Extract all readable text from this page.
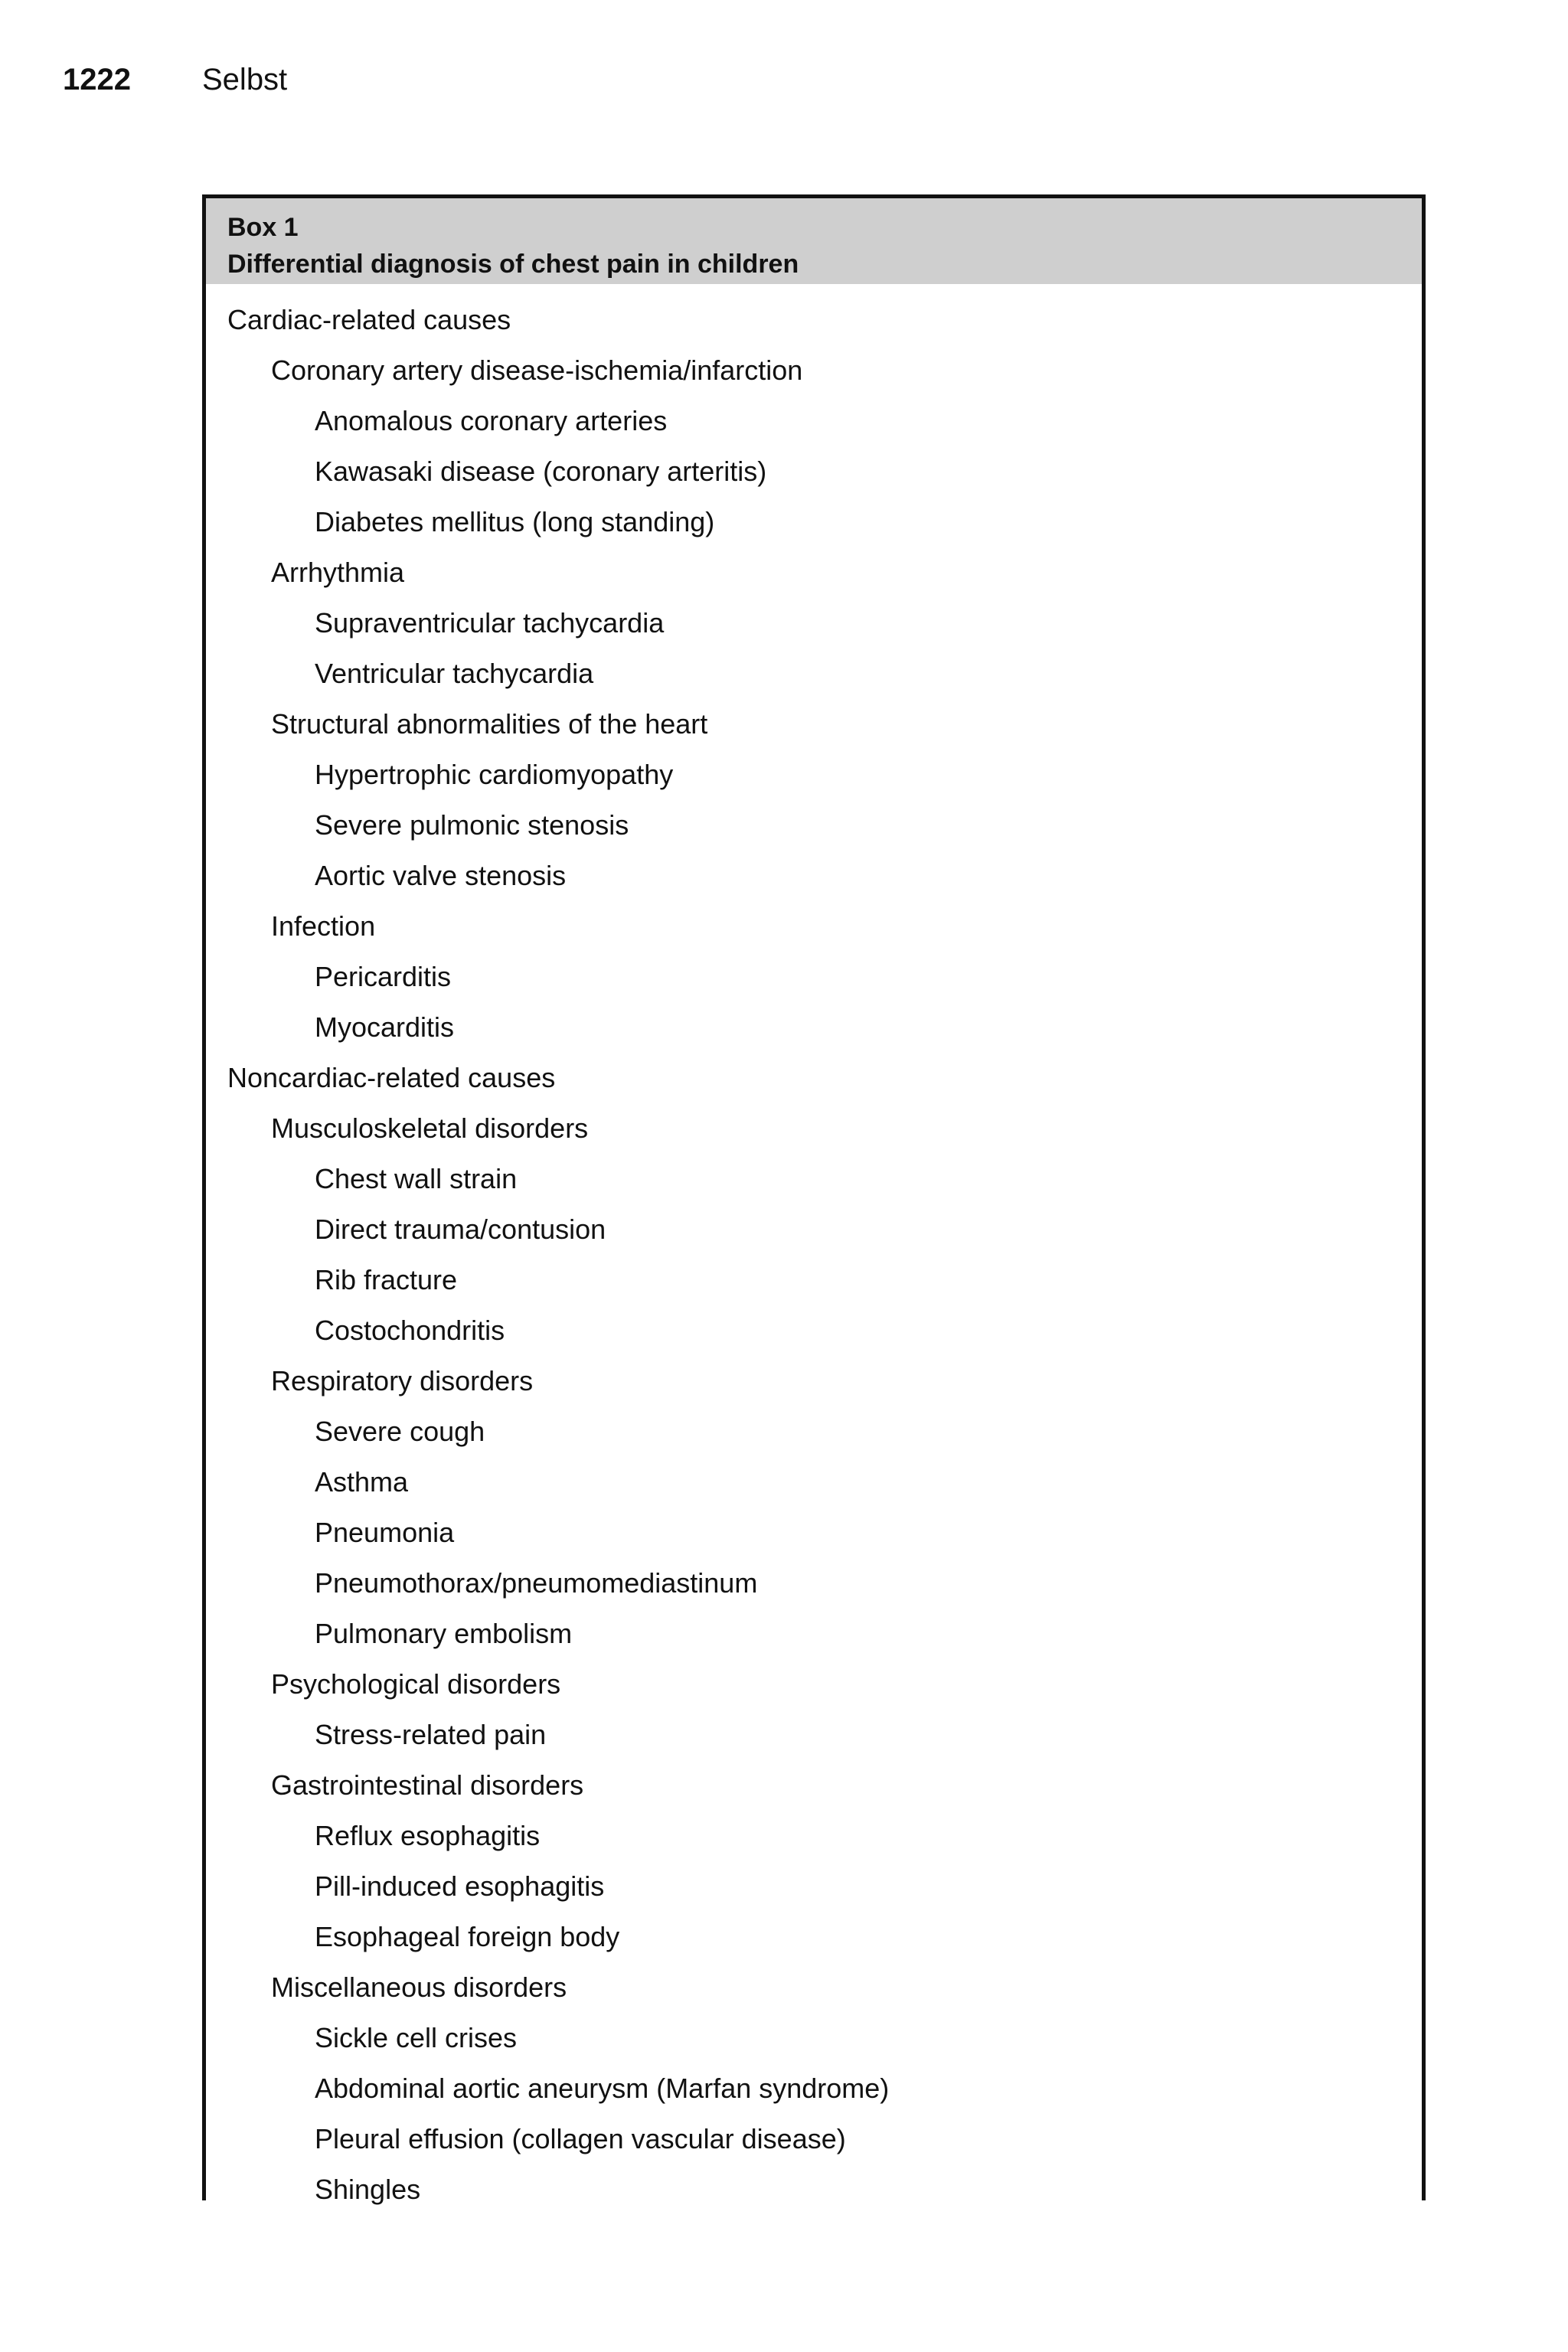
1222	Selbst
Box 1
Differential diagnosis of chest pain in children
Cardiac-related causes
Coronary artery disease-ischemia/infarction
Anomalous coronary arteries
Kawasaki disease (coronary arteritis)
Diabetes mellitus (long standing)
Arrhythmia
Supraventricular tachycardia
Ventricular tachycardia
Structural abnormalities of the heart
Hypertrophic cardiomyopathy
Severe pulmonic stenosis
Aortic valve stenosis
Infection
Pericarditis
Myocarditis
Noncardiac-related causes
Musculoskeletal disorders
Chest wall strain
Direct trauma/contusion
Rib fracture
Costochondritis
Respiratory disorders
Severe cough
Asthma
Pneumonia
Pneumothorax/pneumomediastinum
Pulmonary embolism
Psychological disorders
Stress-related pain
Gastrointestinal disorders
Reflux esophagitis
Pill-induced esophagitis
Esophageal foreign body
Miscellaneous disorders
Sickle cell crises
Abdominal aortic aneurysm (Marfan syndrome)
Pleural effusion (collagen vascular disease)
Shingles
